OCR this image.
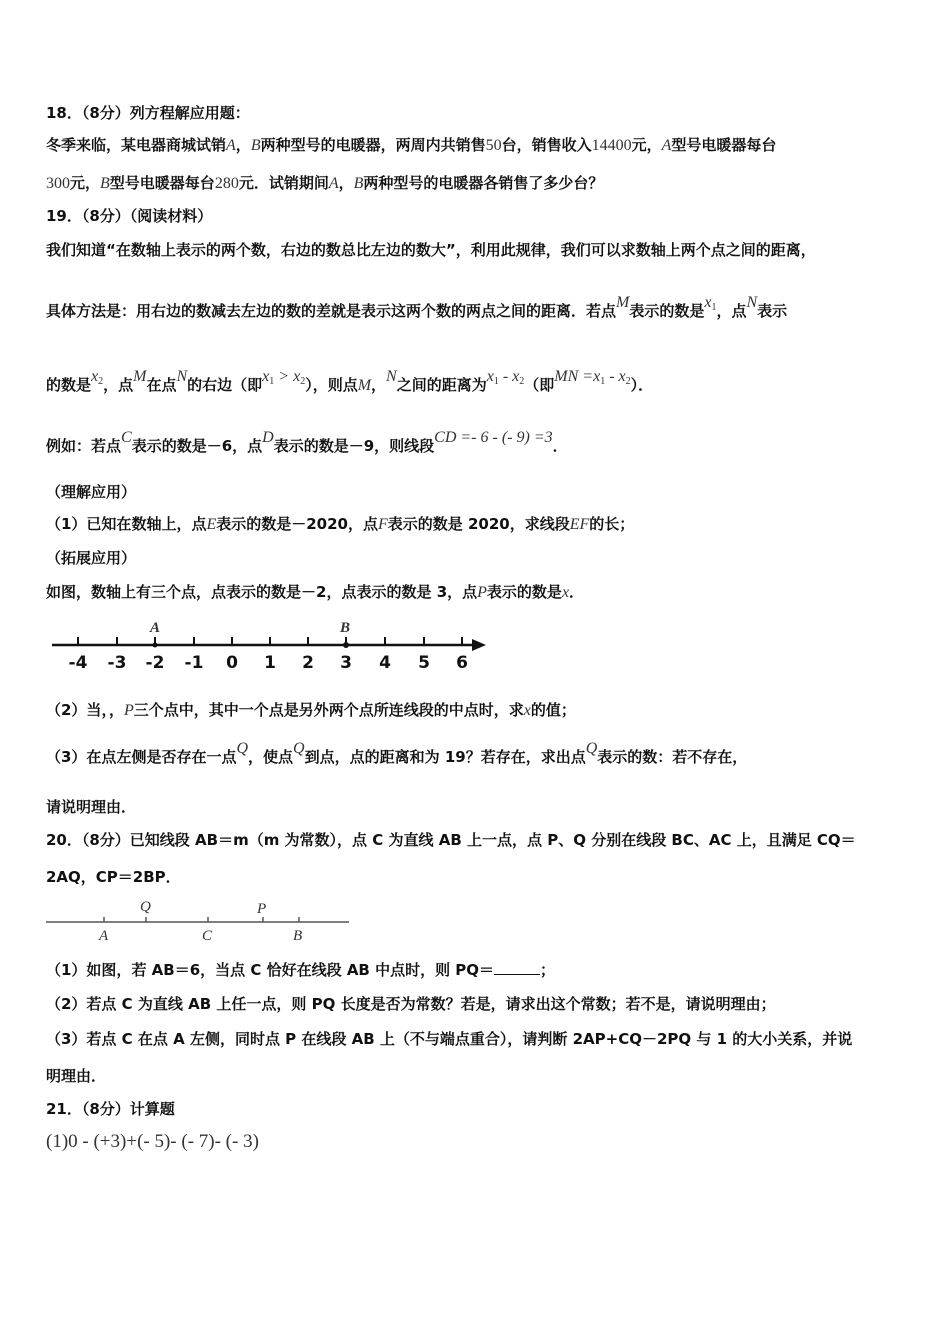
18．（8分）列方程解应用题：
冬季来临，某电器商城试销A，B两种型号的电暖器，两周内共销售50台，销售收入14400元，A型号电暖器每台
300元，B型号电暖器每台280元．试销期间A，B两种型号的电暖器各销售了多少台？
19．（8分）（阅读材料）
我们知道“在数轴上表示的两个数，右边的数总比左边的数大”，利用此规律，我们可以求数轴上两个点之间的距离，
具体方法是：用右边的数减去左边的数的差就是表示这两个数的两点之间的距离．若点M表示的数是x1，点N表示
的数是x2，点M在点N的右边（即x1 > x2），则点M，N之间的距离为x1 - x2（即MN =x1 - x2）．
例如：若点C表示的数是－6，点D表示的数是－9，则线段CD =- 6 - (- 9) =3．
（理解应用）
（1）已知在数轴上，点E表示的数是－2020，点F表示的数是 2020，求线段EF的长；
（拓展应用）
如图，数轴上有三个点，点表示的数是－2，点表示的数是 3，点P表示的数是x．
-4 -3 -2 -1 0 1 2 3 4 5 6
A	B
（2）当，，P三个点中，其中一个点是另外两个点所连线段的中点时，求x的值；
（3）在点左侧是否存在一点Q，使点Q到点，点的距离和为 19？若存在，求出点Q表示的数：若不存在，
请说明理由．
20．（8分）已知线段 AB＝m（m 为常数），点 C 为直线 AB 上一点，点 P、Q 分别在线段 BC、AC 上，且满足 CQ＝
2AQ，CP＝2BP．
A
Q
C
P
B
（1）如图，若 AB＝6，当点 C 恰好在线段 AB 中点时，则 PQ＝	；
（2）若点 C 为直线 AB 上任一点，则 PQ 长度是否为常数？若是，请求出这个常数；若不是，请说明理由；
（3）若点 C 在点 A 左侧，同时点 P 在线段 AB 上（不与端点重合），请判断 2AP+CQ－2PQ 与 1 的大小关系，并说
明理由．
21．（8分）计算题
(1)0 - (+3)+(- 5)- (- 7)- (- 3)
